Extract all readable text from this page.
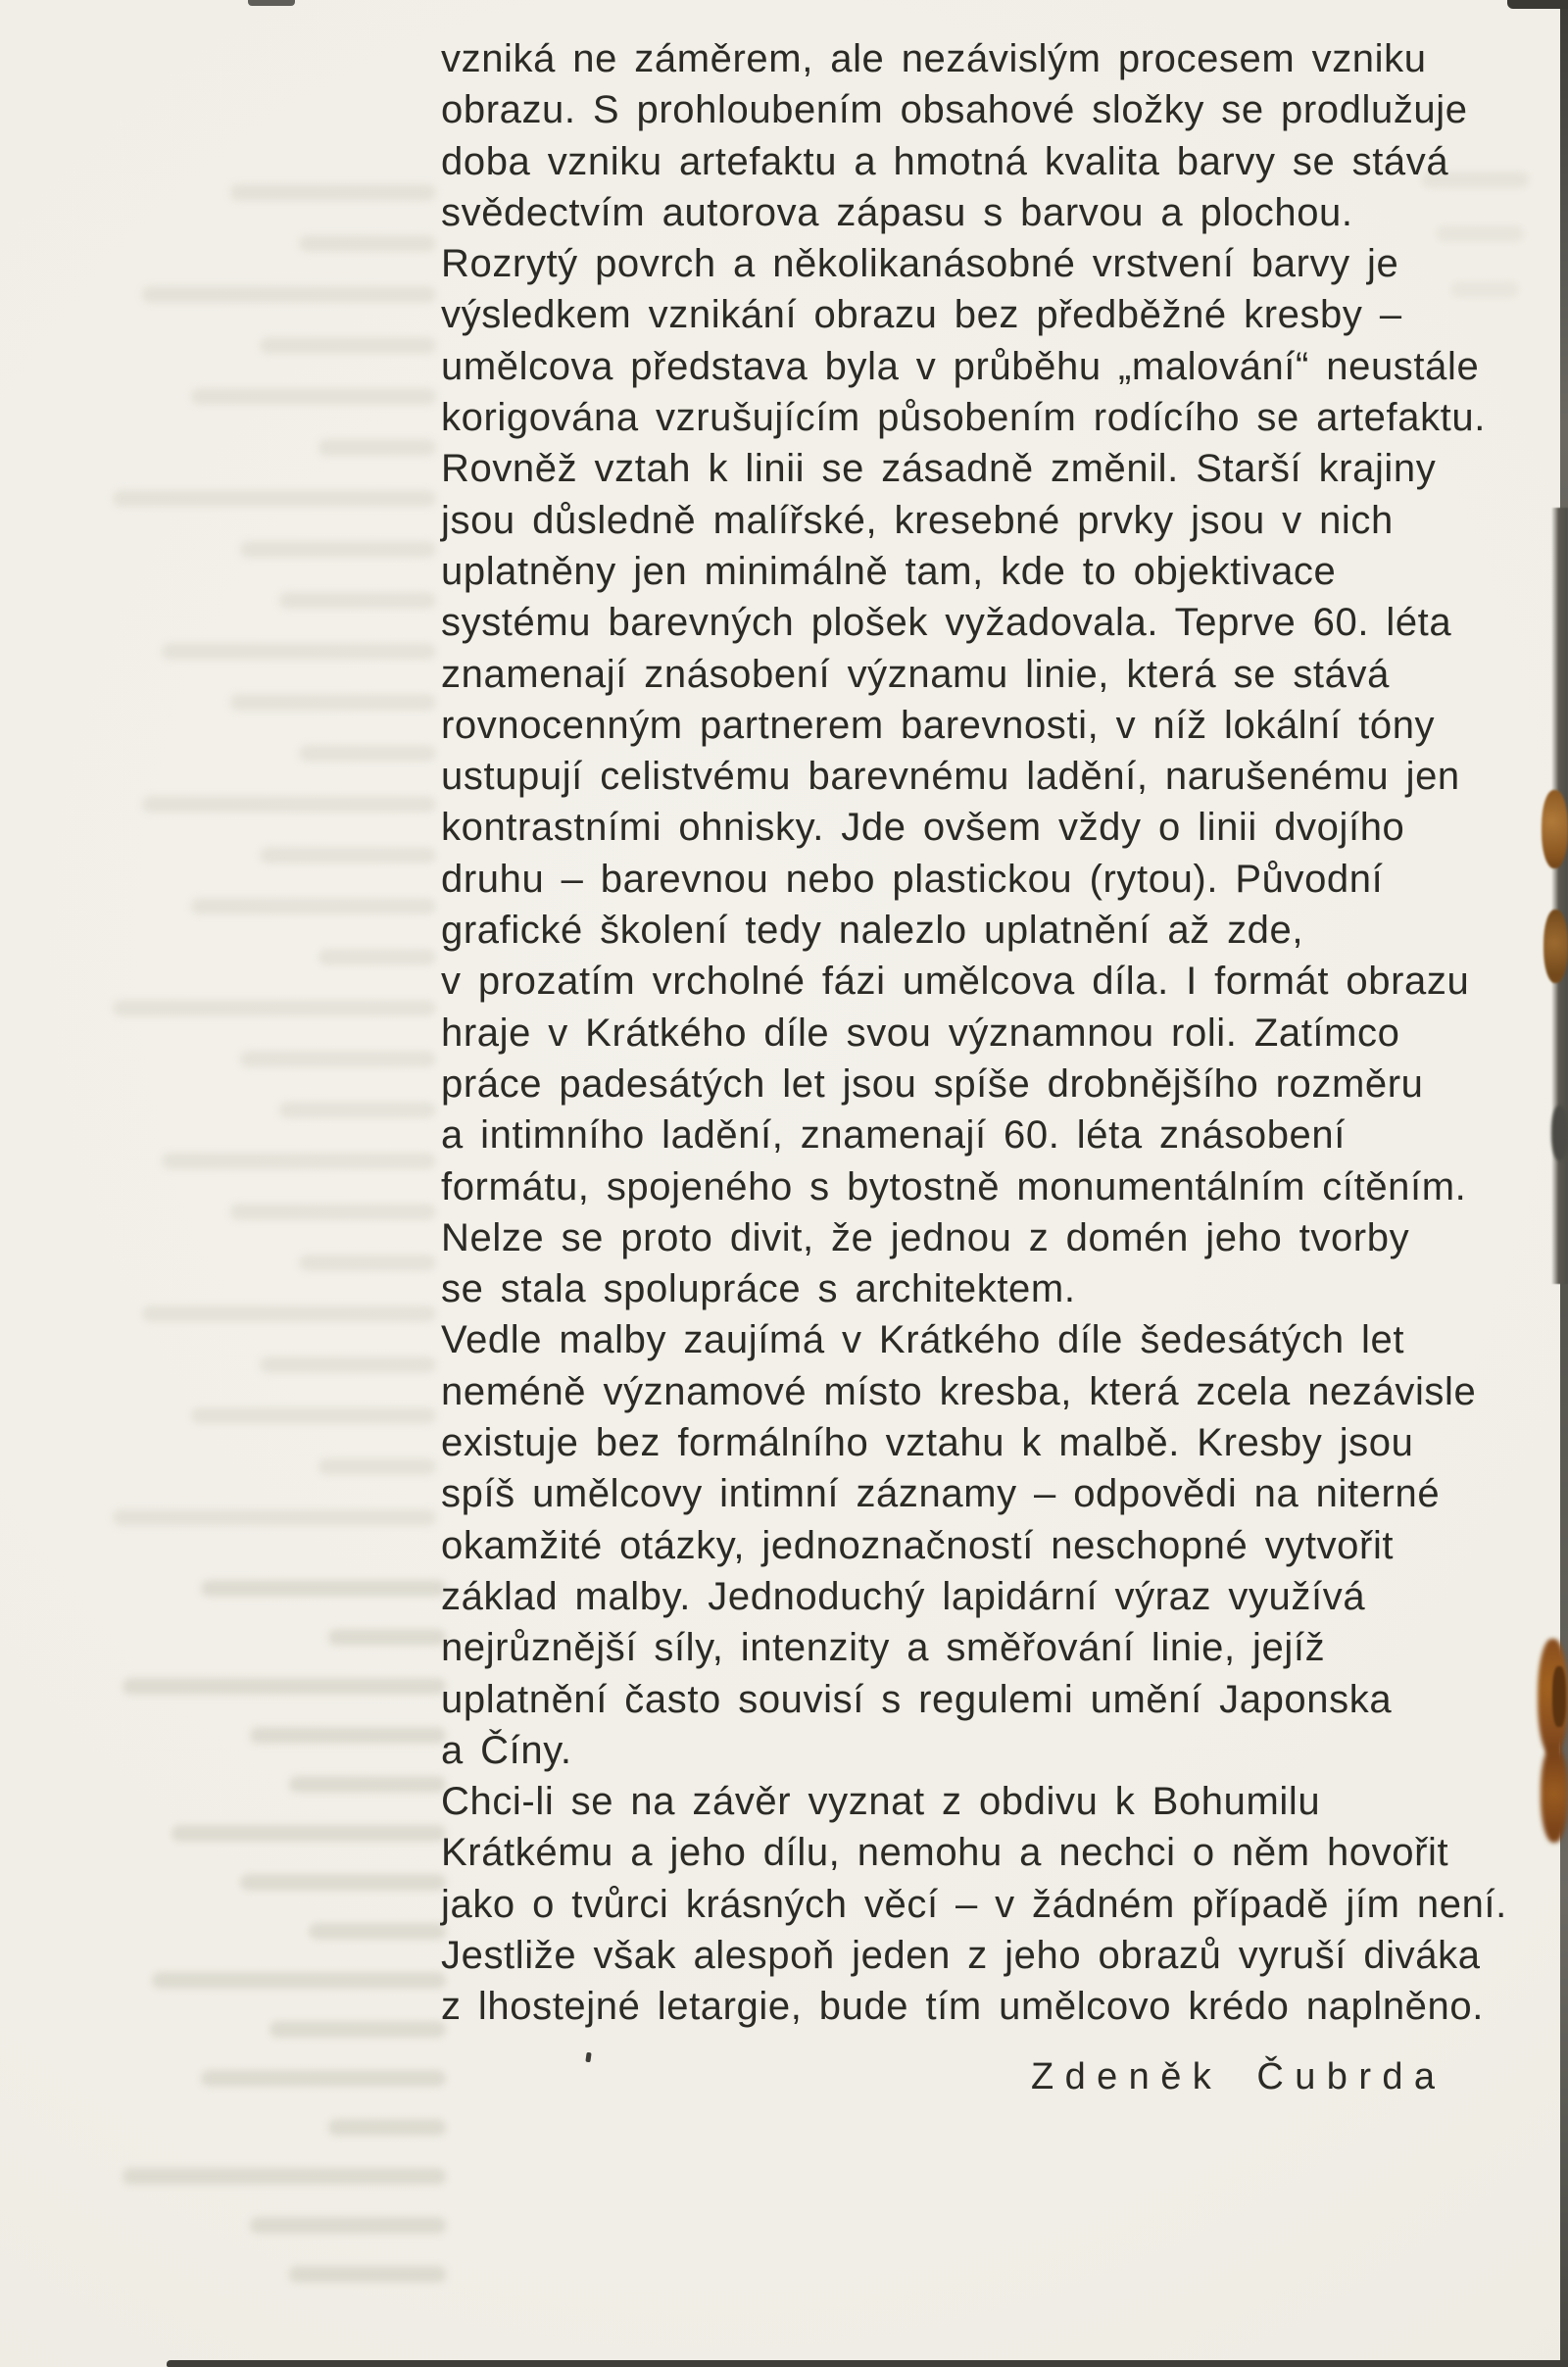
vzniká ne záměrem, ale nezávislým procesem vzniku
obrazu. S prohloubením obsahové složky se prodlužuje
doba vzniku artefaktu a hmotná kvalita barvy se stává
svědectvím autorova zápasu s barvou a plochou.
Rozrytý povrch a několikanásobné vrstvení barvy je
výsledkem vznikání obrazu bez předběžné kresby –
umělcova představa byla v průběhu „malování“ neustále
korigována vzrušujícím působením rodícího se artefaktu.
Rovněž vztah k linii se zásadně změnil. Starší krajiny
jsou důsledně malířské, kresebné prvky jsou v nich
uplatněny jen minimálně tam, kde to objektivace
systému barevných plošek vyžadovala. Teprve 60. léta
znamenají znásobení významu linie, která se stává
rovnocenným partnerem barevnosti, v níž lokální tóny
ustupují celistvému barevnému ladění, narušenému jen
kontrastními ohnisky. Jde ovšem vždy o linii dvojího
druhu – barevnou nebo plastickou (rytou). Původní
grafické školení tedy nalezlo uplatnění až zde,
v prozatím vrcholné fázi umělcova díla. I formát obrazu
hraje v Krátkého díle svou významnou roli. Zatímco
práce padesátých let jsou spíše drobnějšího rozměru
a intimního ladění, znamenají 60. léta znásobení
formátu, spojeného s bytostně monumentálním cítěním.
Nelze se proto divit, že jednou z domén jeho tvorby
se stala spolupráce s architektem.
Vedle malby zaujímá v Krátkého díle šedesátých let
neméně významové místo kresba, která zcela nezávisle
existuje bez formálního vztahu k malbě. Kresby jsou
spíš umělcovy intimní záznamy – odpovědi na niterné
okamžité otázky, jednoznačností neschopné vytvořit
základ malby. Jednoduchý lapidární výraz využívá
nejrůznější síly, intenzity a směřování linie, jejíž
uplatnění často souvisí s regulemi umění Japonska
a Číny.
Chci-li se na závěr vyznat z obdivu k Bohumilu
Krátkému a jeho dílu, nemohu a nechci o něm hovořit
jako o tvůrci krásných věcí – v žádném případě jím není.
Jestliže však alespoň jeden z jeho obrazů vyruší diváka
z lhostejné letargie, bude tím umělcovo krédo naplněno.
Zdeněk Čubrda
